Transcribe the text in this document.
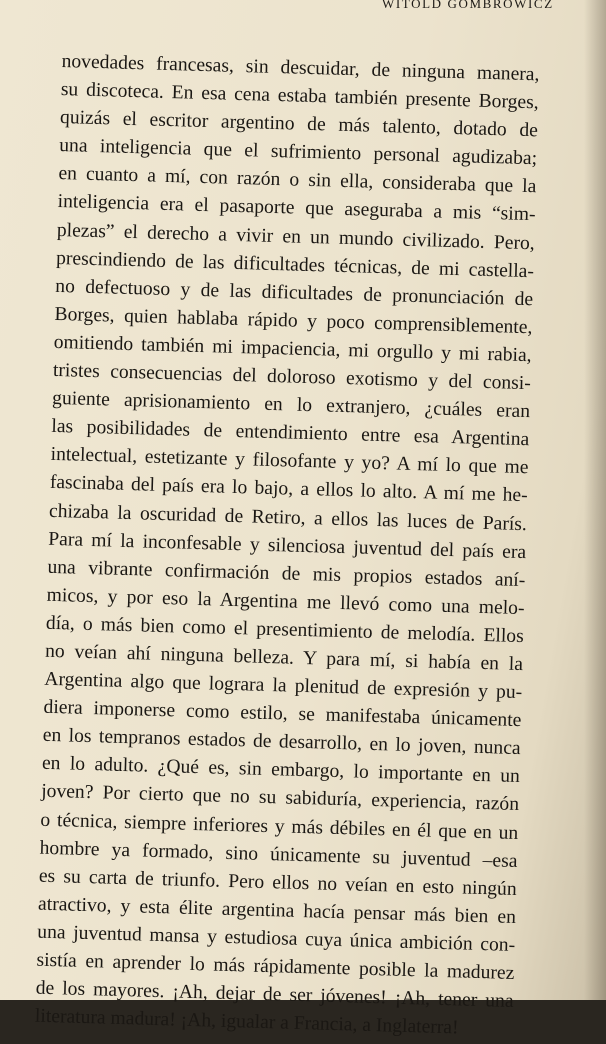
WITOLD GOMBROWICZ
novedades francesas, sin descuidar, de ninguna manera,
su discoteca. En esa cena estaba también presente Borges,
quizás el escritor argentino de más talento, dotado de
una inteligencia que el sufrimiento personal agudizaba;
en cuanto a mí, con razón o sin ella, consideraba que la
inteligencia era el pasaporte que aseguraba a mis “sim-
plezas” el derecho a vivir en un mundo civilizado. Pero,
prescindiendo de las dificultades técnicas, de mi castella-
no defectuoso y de las dificultades de pronunciación de
Borges, quien hablaba rápido y poco comprensiblemente,
omitiendo también mi impaciencia, mi orgullo y mi rabia,
tristes consecuencias del doloroso exotismo y del consi-
guiente aprisionamiento en lo extranjero, ¿cuáles eran
las posibilidades de entendimiento entre esa Argentina
intelectual, estetizante y filosofante y yo? A mí lo que me
fascinaba del país era lo bajo, a ellos lo alto. A mí me he-
chizaba la oscuridad de Retiro, a ellos las luces de París.
Para mí la inconfesable y silenciosa juventud del país era
una vibrante confirmación de mis propios estados aní-
micos, y por eso la Argentina me llevó como una melo-
día, o más bien como el presentimiento de melodía. Ellos
no veían ahí ninguna belleza. Y para mí, si había en la
Argentina algo que lograra la plenitud de expresión y pu-
diera imponerse como estilo, se manifestaba únicamente
en los tempranos estados de desarrollo, en lo joven, nunca
en lo adulto. ¿Qué es, sin embargo, lo importante en un
joven? Por cierto que no su sabiduría, experiencia, razón
o técnica, siempre inferiores y más débiles en él que en un
hombre ya formado, sino únicamente su juventud –esa
es su carta de triunfo. Pero ellos no veían en esto ningún
atractivo, y esta élite argentina hacía pensar más bien en
una juventud mansa y estudiosa cuya única ambición con-
sistía en aprender lo más rápidamente posible la madurez
de los mayores. ¡Ah, dejar de ser jóvenes! ¡Ah, tener una
literatura madura! ¡Ah, igualar a Francia, a Inglaterra!
